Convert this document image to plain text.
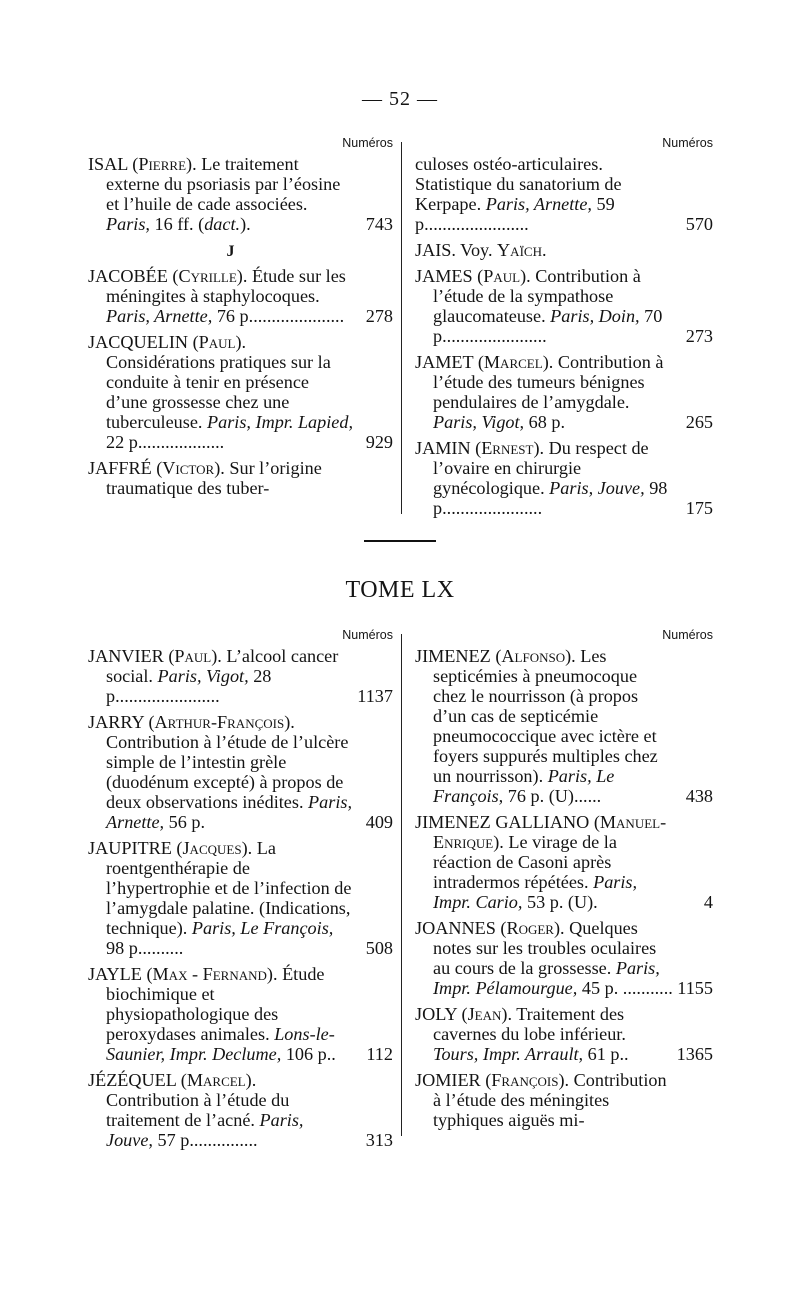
— 52 —
Numéros
ISAL (Pierre). Le traitement externe du psoriasis par l’éosine et l’huile de cade associées. Paris, 16 ff. (dact.).	743
J
JACOBÉE (Cyrille). Étude sur les méningites à staphylocoques. Paris, Arnette, 76 p..................... 278
JACQUELIN (Paul). Considérations pratiques sur la conduite à tenir en présence d’une grossesse chez une tuberculeuse. Paris, Impr. Lapied, 22 p...................	929
JAFFRÉ (Victor). Sur l’origine traumatique des tuber-
Numéros
culoses ostéo-articulaires. Statistique du sanatorium de Kerpape. Paris, Arnette, 59 p.......................	570
JAIS. Voy. Yaïch.
JAMES (Paul). Contribution à l’étude de la sympathose glaucomateuse. Paris, Doin, 70 p.......................	273
JAMET (Marcel). Contribution à l’étude des tumeurs bénignes pendulaires de l’amygdale. Paris, Vigot, 68 p.	265
JAMIN (Ernest). Du respect de l’ovaire en chirurgie gynécologique. Paris, Jouve, 98 p......................	175
TOME LX
Numéros
JANVIER (Paul). L’alcool cancer social. Paris, Vigot, 28 p.......................	1137
JARRY (Arthur-François). Contribution à l’étude de l’ulcère simple de l’intestin grèle (duodénum excepté) à propos de deux observations inédites. Paris, Arnette, 56 p.	409
JAUPITRE (Jacques). La roentgenthérapie de l’hypertrophie et de l’infection de l’amygdale palatine. (Indications, technique). Paris, Le François, 98 p..........	508
JAYLE (Max - Fernand). Étude biochimique et physiopathologique des peroxydases animales. Lons-le-Saunier, Impr. Declume, 106 p.. 112
JÉZÉQUEL (Marcel). Contribution à l’étude du traitement de l’acné. Paris, Jouve, 57 p...............	313
Numéros
JIMENEZ (Alfonso). Les septicémies à pneumocoque chez le nourrisson (à propos d’un cas de septicémie pneumococcique avec ictère et foyers suppurés multiples chez un nourrisson). Paris, Le François, 76 p. (U)......	438
JIMENEZ GALLIANO (Manuel-Enrique). Le virage de la réaction de Casoni après intradermos répétées. Paris, Impr. Cario, 53 p. (U).	4
JOANNES (Roger). Quelques notes sur les troubles oculaires au cours de la grossesse. Paris, Impr. Pélamourgue, 45 p. ........... 1155
JOLY (Jean). Traitement des cavernes du lobe inférieur. Tours, Impr. Arrault, 61 p..	1365
JOMIER (François). Contribution à l’étude des méningites typhiques aiguës mi-
